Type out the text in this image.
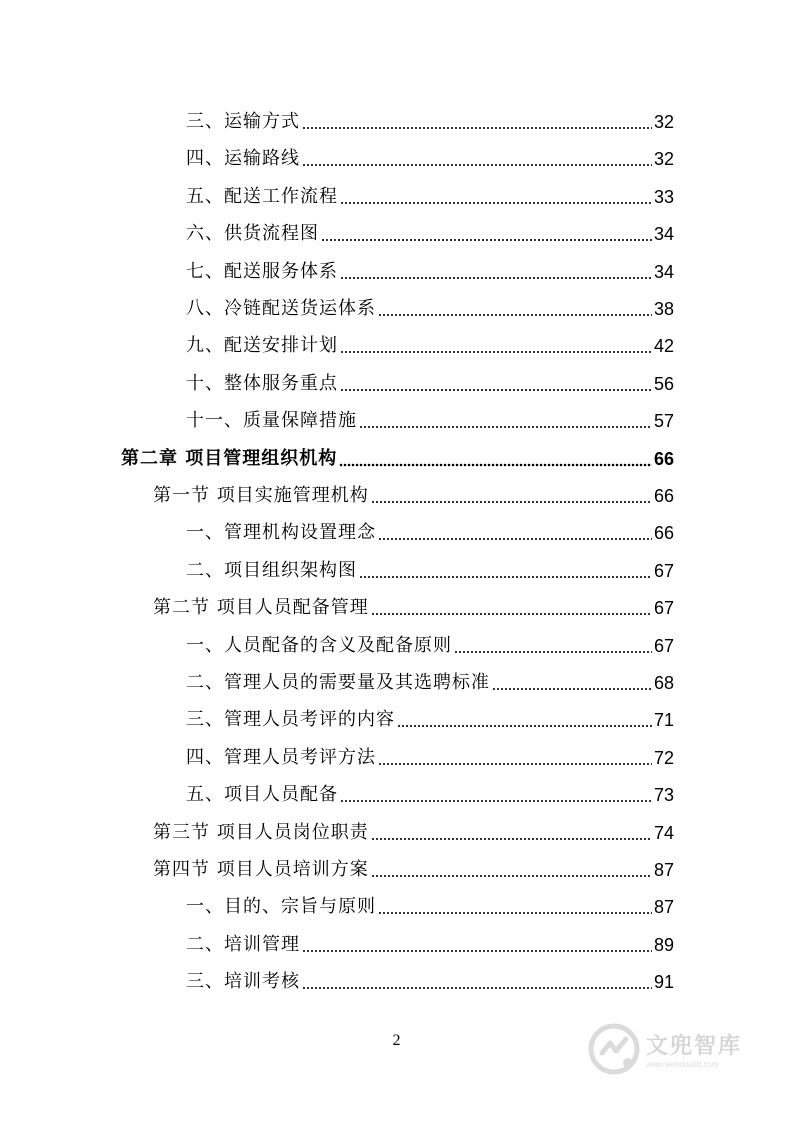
三、运输方式	32
四、运输路线	32
五、配送工作流程	33
六、供货流程图	34
七、配送服务体系	34
八、冷链配送货运体系	38
九、配送安排计划	42
十、整体服务重点	56
十一、质量保障措施	57
第二章 项目管理组织机构	66
第一节 项目实施管理机构	66
一、管理机构设置理念	66
二、项目组织架构图	67
第二节 项目人员配备管理	67
一、人员配备的含义及配备原则	67
二、管理人员的需要量及其选聘标准	68
三、管理人员考评的内容	71
四、管理人员考评方法	72
五、项目人员配备	73
第三节 项目人员岗位职责	74
第四节 项目人员培训方案	87
一、目的、宗旨与原则	87
二、培训管理	89
三、培训考核	91
2	文兜智库
www.wendoulib.com
